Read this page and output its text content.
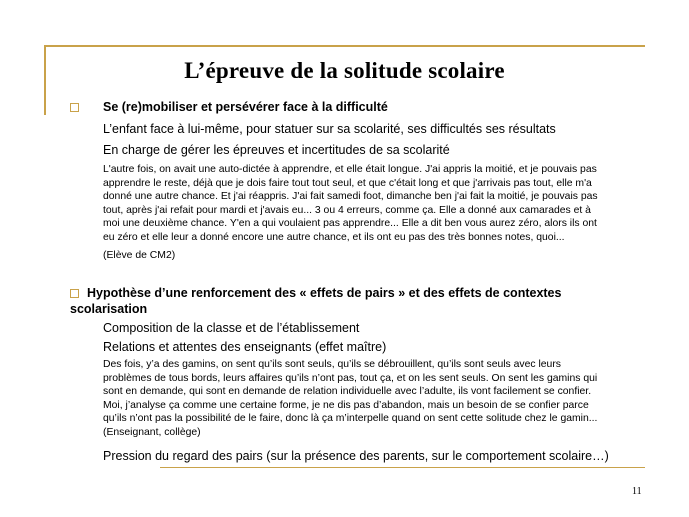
L’épreuve de la solitude scolaire
Se (re)mobiliser et persévérer face à la difficulté
L’enfant face à lui-même, pour statuer sur sa scolarité, ses difficultés ses résultats
En charge de gérer les épreuves et incertitudes de sa scolarité
L'autre fois, on avait une auto-dictée à apprendre, et elle était longue. J'ai appris la moitié, et je pouvais pas
apprendre le reste, déjà que je dois faire tout tout seul, et que c'était long et que j'arrivais pas tout, elle m'a
donné une autre chance. Et j'ai réappris. J'ai fait samedi foot, dimanche ben j'ai fait la moitié, je pouvais pas
tout, après j'ai refait pour mardi et j'avais eu... 3 ou 4 erreurs, comme ça. Elle a donné aux camarades et à
moi une deuxième chance. Y'en a qui voulaient pas apprendre... Elle a dit ben vous aurez zéro, alors ils ont
eu zéro et elle leur a donné encore une autre chance, et ils ont eu pas des très bonnes notes, quoi...
(Elève de CM2)
Hypothèse d’une renforcement des « effets de pairs » et des effets de contextes
scolarisation
Composition de la classe et de l’établissement
Relations et attentes des enseignants (effet maître)
Des fois, y’a des gamins, on sent qu’ils sont seuls, qu’ils se débrouillent, qu’ils sont seuls avec leurs
problèmes de tous bords, leurs affaires qu’ils n’ont pas, tout ça, et on les sent seuls. On sent les gamins qui
sont en demande, qui sont en demande de relation individuelle avec l’adulte, ils vont facilement se confier.
Moi, j’analyse ça comme une certaine forme, je ne dis pas d’abandon, mais un besoin de se confier parce
qu’ils n’ont pas la possibilité de le faire, donc là ça m’interpelle quand on sent cette solitude chez le gamin...
(Enseignant, collège)
Pression du regard des pairs (sur la présence des parents, sur le comportement scolaire…)
11
